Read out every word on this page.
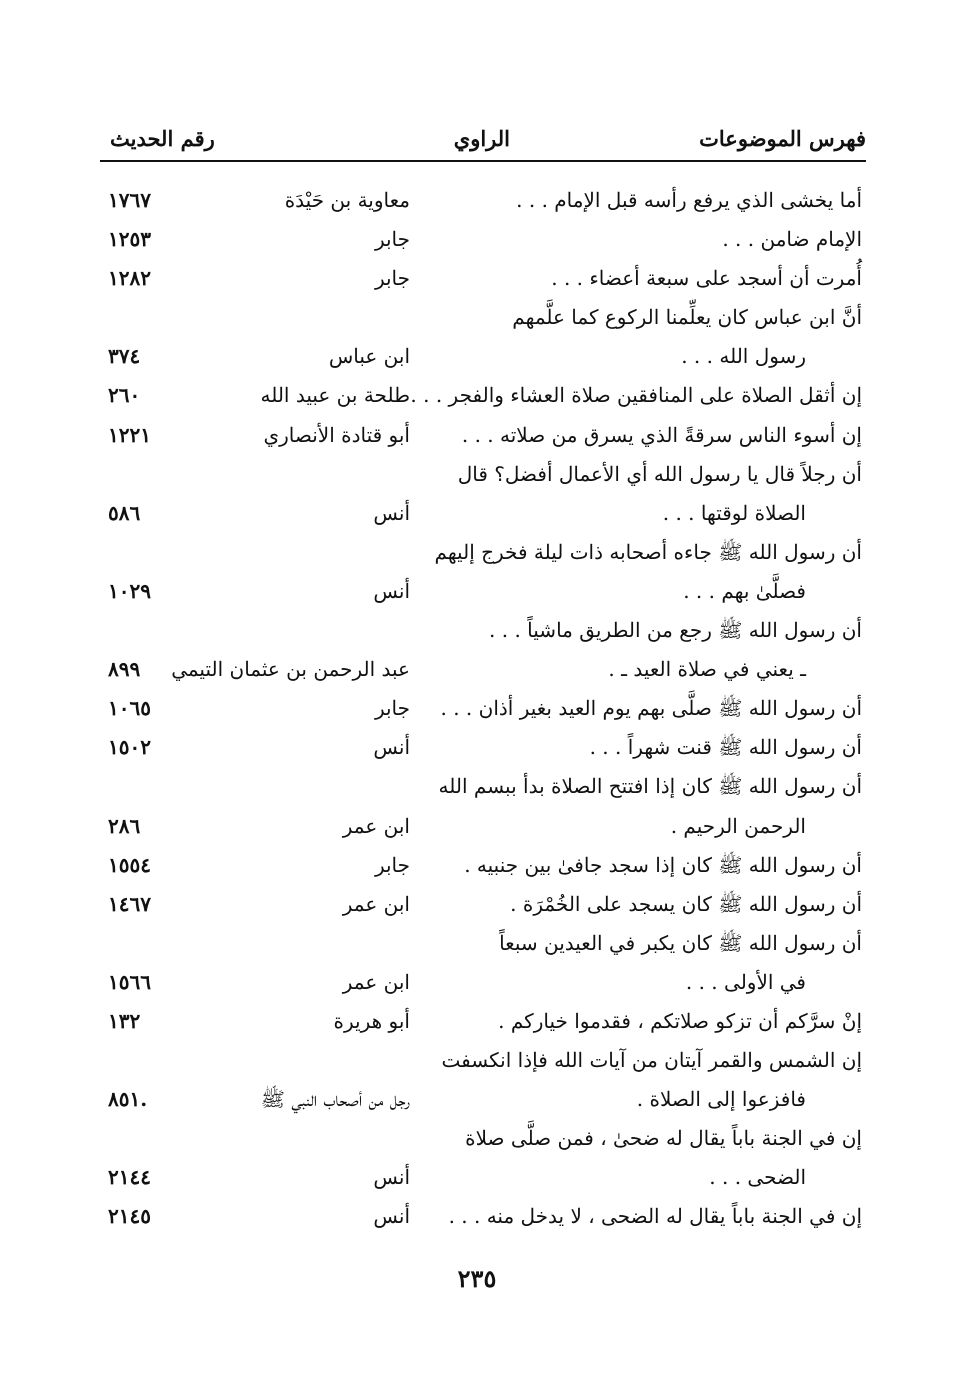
فهرس الموضوعات
الراوي
رقم الحديث
أما يخشى الذي يرفع رأسه قبل الإمام . . .
معاوية بن حَيْدَة
١٧٦٧
الإمام ضامن . . .
جابر
١٢٥٣
أُمرت أن أسجد على سبعة أعضاء . . .
جابر
١٢٨٢
أنَّ ابن عباس كان يعلِّمنا الركوع كما علَّمهم
رسول الله . . .
ابن عباس
٣٧٤
إن أثقل الصلاة على المنافقين صلاة العشاء والفجر . . .
طلحة بن عبيد الله
٢٦٠
إن أسوء الناس سرقةً الذي يسرق من صلاته . . .
أبو قتادة الأنصاري
١٢٢١
أن رجلاً قال يا رسول الله أي الأعمال أفضل؟ قال
الصلاة لوقتها . . .
أنس
٥٨٦
أن رسول الله ﷺ جاءه أصحابه ذات ليلة فخرج إليهم
فصلَّىٰ بهم . . .
أنس
١٠٢٩
أن رسول الله ﷺ رجع من الطريق ماشياً . . .
ـ يعني في صلاة العيد ـ .
عبد الرحمن بن عثمان التيمي
٨٩٩
أن رسول الله ﷺ صلَّى بهم يوم العيد بغير أذان . . .
جابر
١٠٦٥
أن رسول الله ﷺ قنت شهراً . . .
أنس
١٥٠٢
أن رسول الله ﷺ كان إذا افتتح الصلاة بدأ ببسم الله
الرحمن الرحيم .
ابن عمر
٢٨٦
أن رسول الله ﷺ كان إذا سجد جافىٰ بين جنبيه .
جابر
١٥٥٤
أن رسول الله ﷺ كان يسجد على الخُمْرَة .
ابن عمر
١٤٦٧
أن رسول الله ﷺ كان يكبر في العيدين سبعاً
في الأولى . . .
ابن عمر
١٥٦٦
إنْ سرَّكم أن تزكو صلاتكم ، فقدموا خياركم .
أبو هريرة
١٣٢
إن الشمس والقمر آيتان من آيات الله فإذا انكسفت
فافزعوا إلى الصلاة .
رجل من أصحاب النبي ﷺ
٨٥١.
إن في الجنة باباً يقال له ضحىٰ ، فمن صلَّى صلاة
الضحى . . .
أنس
٢١٤٤
إن في الجنة باباً يقال له الضحى ، لا يدخل منه . . .
أنس
٢١٤٥
٢٣٥
